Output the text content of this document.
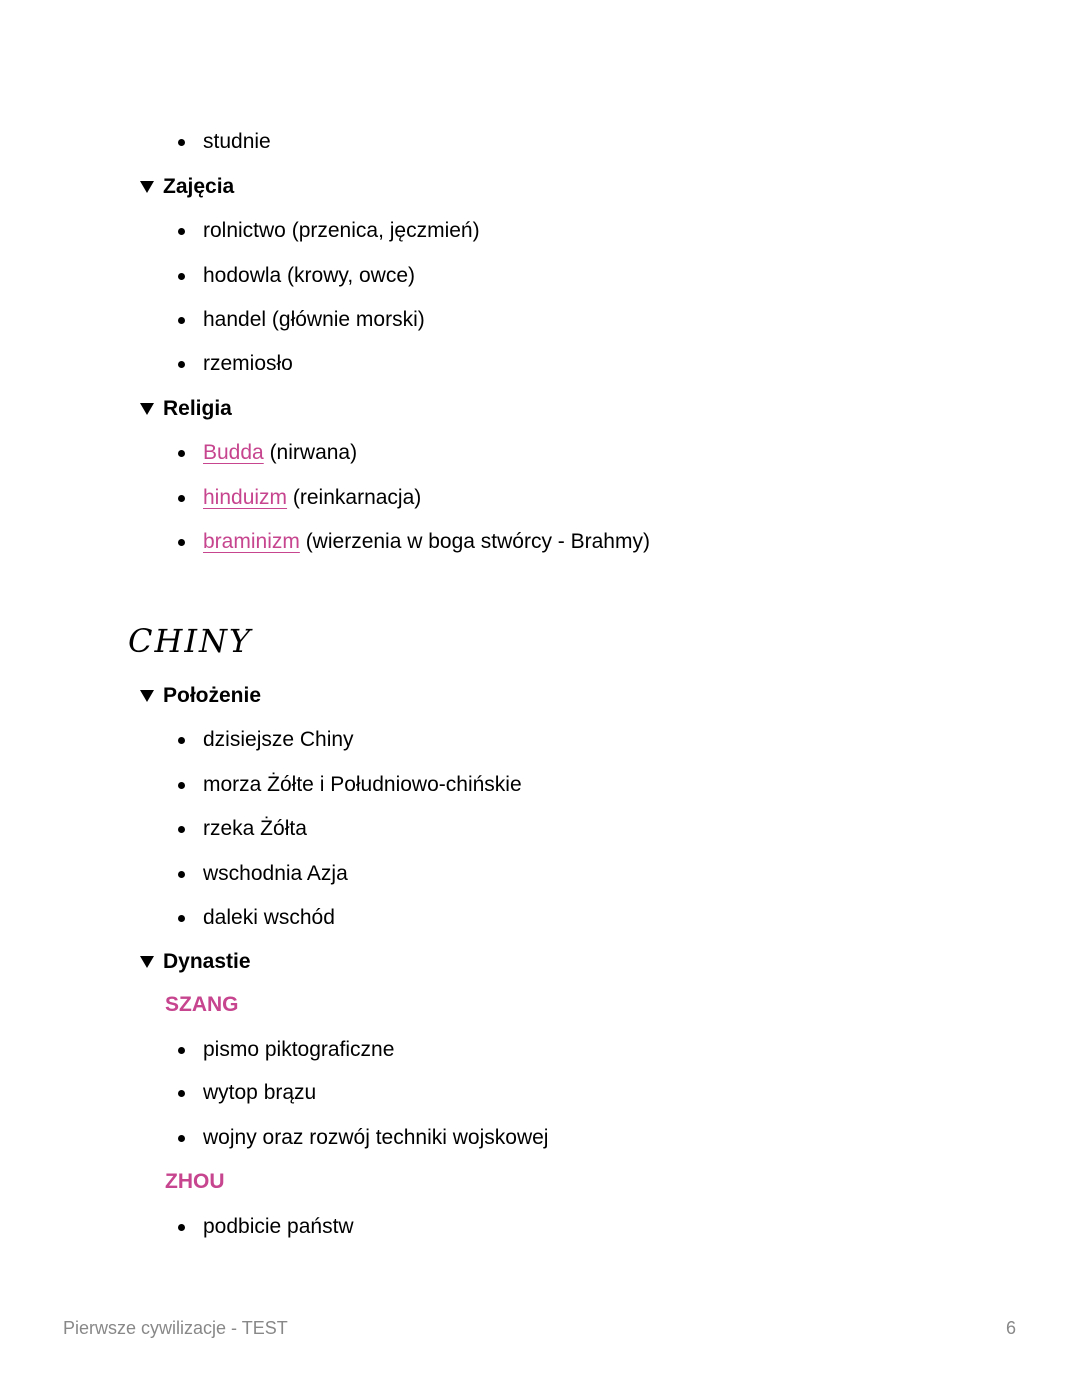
studnie
Zajęcia
rolnictwo (przenica, jęczmień)
hodowla (krowy, owce)
handel (głównie morski)
rzemiosło
Religia
Budda (nirwana)
hinduizm (reinkarnacja)
braminizm (wierzenia w boga stwórcy - Brahmy)
CHINY
Położenie
dzisiejsze Chiny
morza Żółte i Południowo-chińskie
rzeka Żółta
wschodnia Azja
daleki wschód
Dynastie
SZANG
pismo piktograficzne
wytop brązu
wojny oraz rozwój techniki wojskowej
ZHOU
podbicie państw
Pierwsze cywilizacje - TEST	6
